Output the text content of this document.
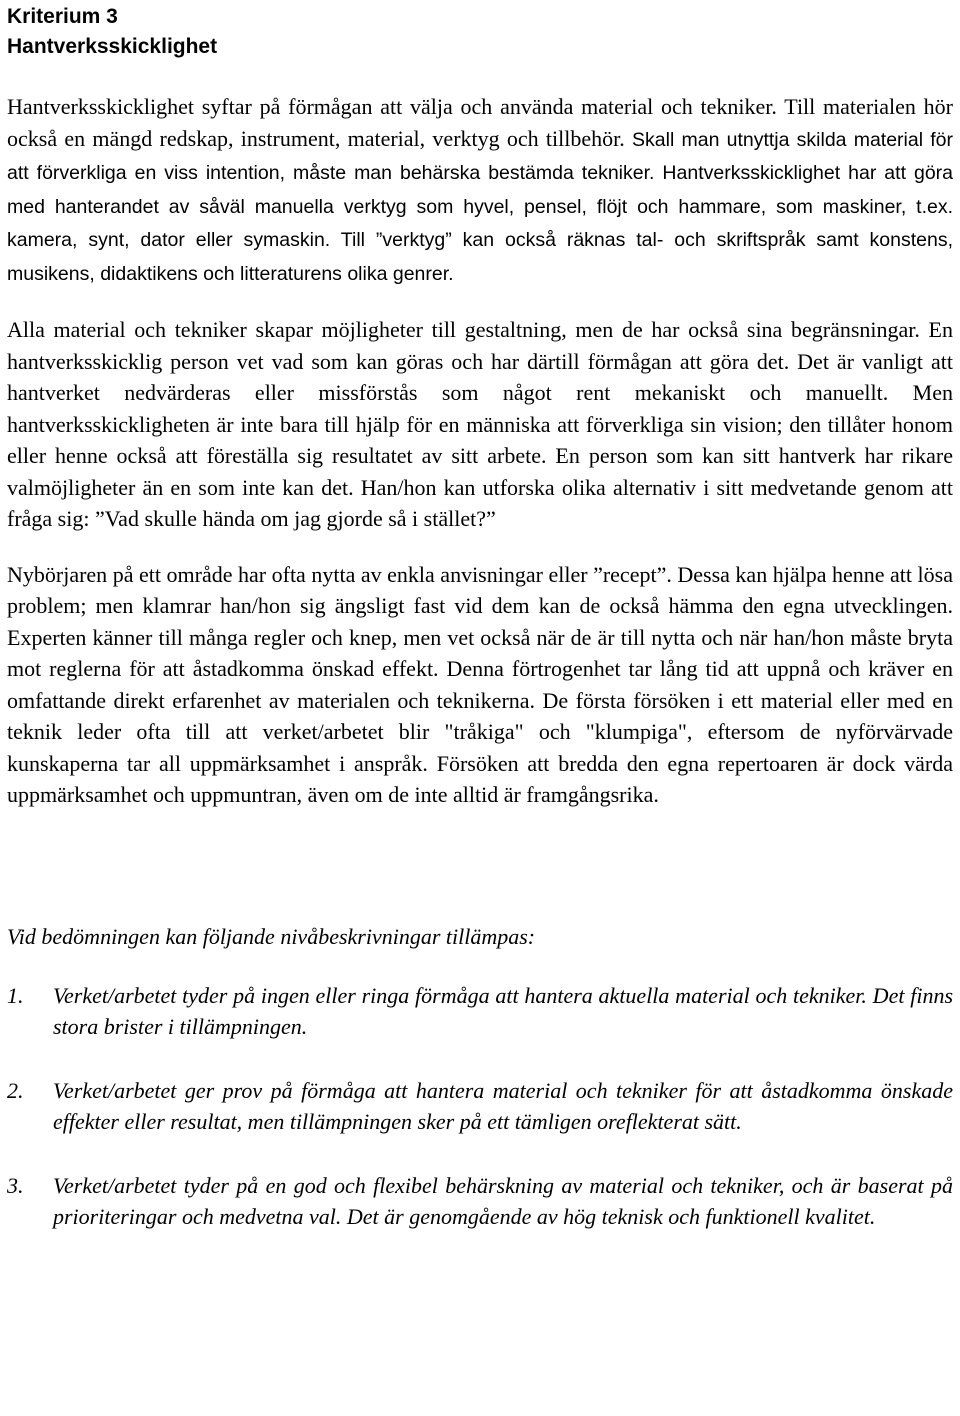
Kriterium 3
Hantverksskicklighet

Hantverksskicklighet syftar på förmågan att välja och använda material och tekniker. Till materialen hör också en mängd redskap, instrument, material, verktyg och tillbehör. Skall man utnyttja skilda material för att förverkliga en viss intention, måste man behärska bestämda tekniker. Hantverksskicklighet har att göra med hanterandet av såväl manuella verktyg som hyvel, pensel, flöjt och hammare, som maskiner, t.ex. kamera, synt, dator eller symaskin. Till ”verktyg” kan också räknas tal- och skriftspråk samt konstens, musikens, didaktikens och litteraturens olika genrer.

Alla material och tekniker skapar möjligheter till gestaltning, men de har också sina begränsningar. En hantverksskicklig person vet vad som kan göras och har därtill förmågan att göra det. Det är vanligt att hantverket nedvärderas eller missförstås som något rent mekaniskt och manuellt. Men hantverksskickligheten är inte bara till hjälp för en människa att förverkliga sin vision; den tillåter honom eller henne också att föreställa sig resultatet av sitt arbete. En person som kan sitt hantverk har rikare valmöjligheter än en som inte kan det. Han/hon kan utforska olika alternativ i sitt medvetande genom att fråga sig: ”Vad skulle hända om jag gjorde så i stället?”

Nybörjaren på ett område har ofta nytta av enkla anvisningar eller ”recept”. Dessa kan hjälpa henne att lösa problem; men klamrar han/hon sig ängsligt fast vid dem kan de också hämma den egna utvecklingen. Experten känner till många regler och knep, men vet också när de är till nytta och när han/hon måste bryta mot reglerna för att åstadkomma önskad effekt. Denna förtrogenhet tar lång tid att uppnå och kräver en omfattande direkt erfarenhet av materialen och teknikerna. De första försöken i ett material eller med en teknik leder ofta till att verket/arbetet blir "tråkiga" och "klumpiga", eftersom de nyförvärvade kunskaperna tar all uppmärksamhet i anspråk. Försöken att bredda den egna repertoaren är dock värda uppmärksamhet och uppmuntran, även om de inte alltid är framgångsrika.

Vid bedömningen kan följande nivåbeskrivningar tillämpas:

1. Verket/arbetet tyder på ingen eller ringa förmåga att hantera aktuella material och tekniker. Det finns stora brister i tillämpningen.

2. Verket/arbetet ger prov på förmåga att hantera material och tekniker för att åstadkomma önskade effekter eller resultat, men tillämpningen sker på ett tämligen oreflekterat sätt.

3. Verket/arbetet tyder på en god och flexibel behärskning av material och tekniker, och är baserat på prioriteringar och medvetna val. Det är genomgående av hög teknisk och funktionell kvalitet.
